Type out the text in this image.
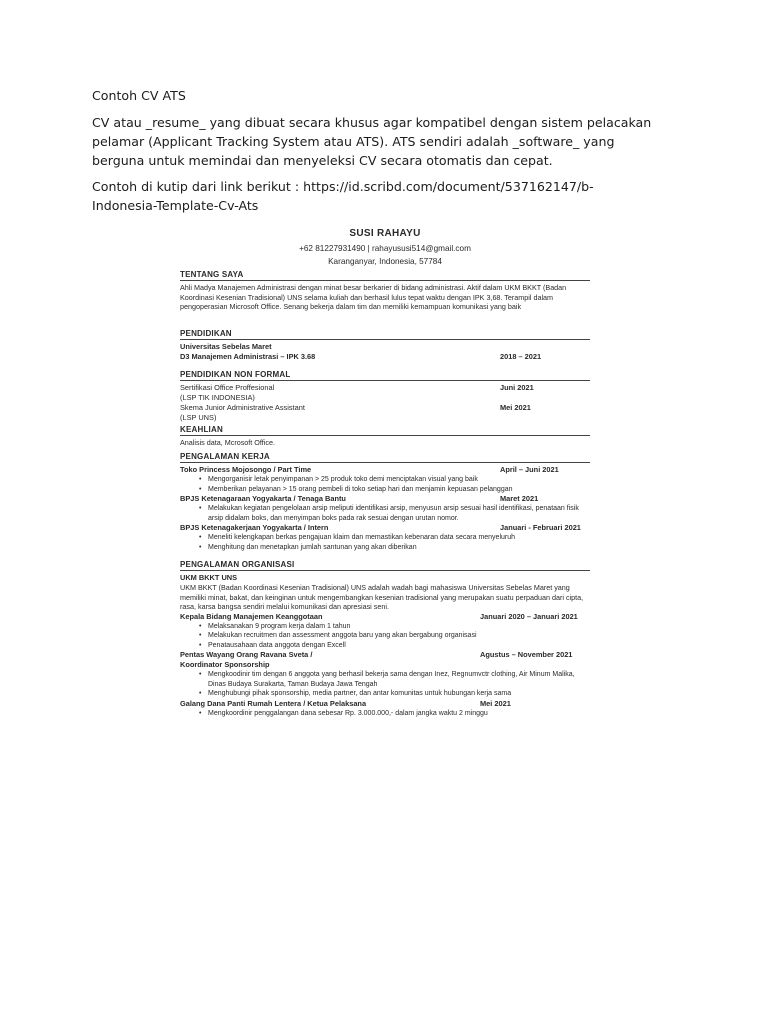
Contoh CV ATS

CV atau _resume_ yang dibuat secara khusus agar kompatibel dengan sistem pelacakan pelamar (Applicant Tracking System atau ATS). ATS sendiri adalah _software_ yang berguna untuk memindai dan menyeleksi CV secara otomatis dan cepat.

Contoh di kutip dari link berikut : https://id.scribd.com/document/537162147/b-Indonesia-Template-Cv-Ats

SUSI RAHAYU
+62 81227931490 | rahayususi514@gmail.com
Karanganyar, Indonesia, 57784
TENTANG SAYA
Ahli Madya Manajemen Administrasi dengan minat besar berkarier di bidang administrasi. Aktif dalam UKM BKKT (Badan Koordinasi Kesenian Tradisional) UNS selama kuliah dan berhasil lulus tepat waktu dengan IPK 3,68. Terampil dalam pengoperasian Microsoft Office. Senang bekerja dalam tim dan memiliki kemampuan komunikasi yang baik
PENDIDIKAN
Universitas Sebelas Maret
D3 Manajemen Administrasi – IPK 3.68	2018 – 2021
PENDIDIKAN NON FORMAL
Sertifikasi Office Proffesional	Juni 2021
(LSP TIK INDONESIA)
Skema Junior Administrative Assistant	Mei 2021
(LSP UNS)
KEAHLIAN
Analisis data, Mcrosoft Office.
PENGALAMAN KERJA
Toko Princess Mojosongo / Part Time	April – Juni 2021
• Mengorganisir letak penyimpanan > 25 produk toko demi menciptakan visual yang baik
• Memberikan pelayanan > 15 orang pembeli di toko setiap hari dan menjamin kepuasan pelanggan
BPJS Ketenagaraan Yogyakarta / Tenaga Bantu	Maret 2021
• Melakukan kegiatan pengelolaan arsip meliputi identifikasi arsip, menyusun arsip sesuai hasil identifikasi, penataan fisik arsip didalam boks, dan menyimpan boks pada rak sesuai dengan urutan nomor.
BPJS Ketenagakerjaan Yogyakarta / Intern	Januari - Februari 2021
• Meneliti kelengkapan berkas pengajuan klaim dan memastikan kebenaran data secara menyeluruh
• Menghitung dan menetapkan jumlah santunan yang akan diberikan
PENGALAMAN ORGANISASI
UKM BKKT UNS
UKM BKKT (Badan Koordinasi Kesenian Tradisional) UNS adalah wadah bagi mahasiswa Universitas Sebelas Maret yang memiliki minat, bakat, dan keinginan untuk mengembangkan kesenian tradisional yang merupakan suatu perpaduan dari cipta, rasa, karsa bangsa sendiri melalui komunikasi dan apresiasi seni.
Kepala Bidang Manajemen Keanggotaan	Januari 2020 – Januari 2021
• Melaksanakan 9 program kerja dalam 1 tahun
• Melakukan recruitmen dan assessment anggota baru yang akan bergabung organisasi
• Penatausahaan data anggota dengan Excell
Pentas Wayang Orang Ravana Sveta /	Agustus – November 2021
Koordinator Sponsorship
• Mengkoodinir tim dengan 6 anggota yang berhasil bekerja sama dengan Inez, Regnumvctr clothing, Air Minum Malika, Dinas Budaya Surakarta, Taman Budaya Jawa Tengah
• Menghubungi pihak sponsorship, media partner, dan antar komunitas untuk hubungan kerja sama
Galang Dana Panti Rumah Lentera / Ketua Pelaksana	Mei 2021
• Mengkoordinir penggalangan dana sebesar Rp. 3.000.000,- dalam jangka waktu 2 minggu
